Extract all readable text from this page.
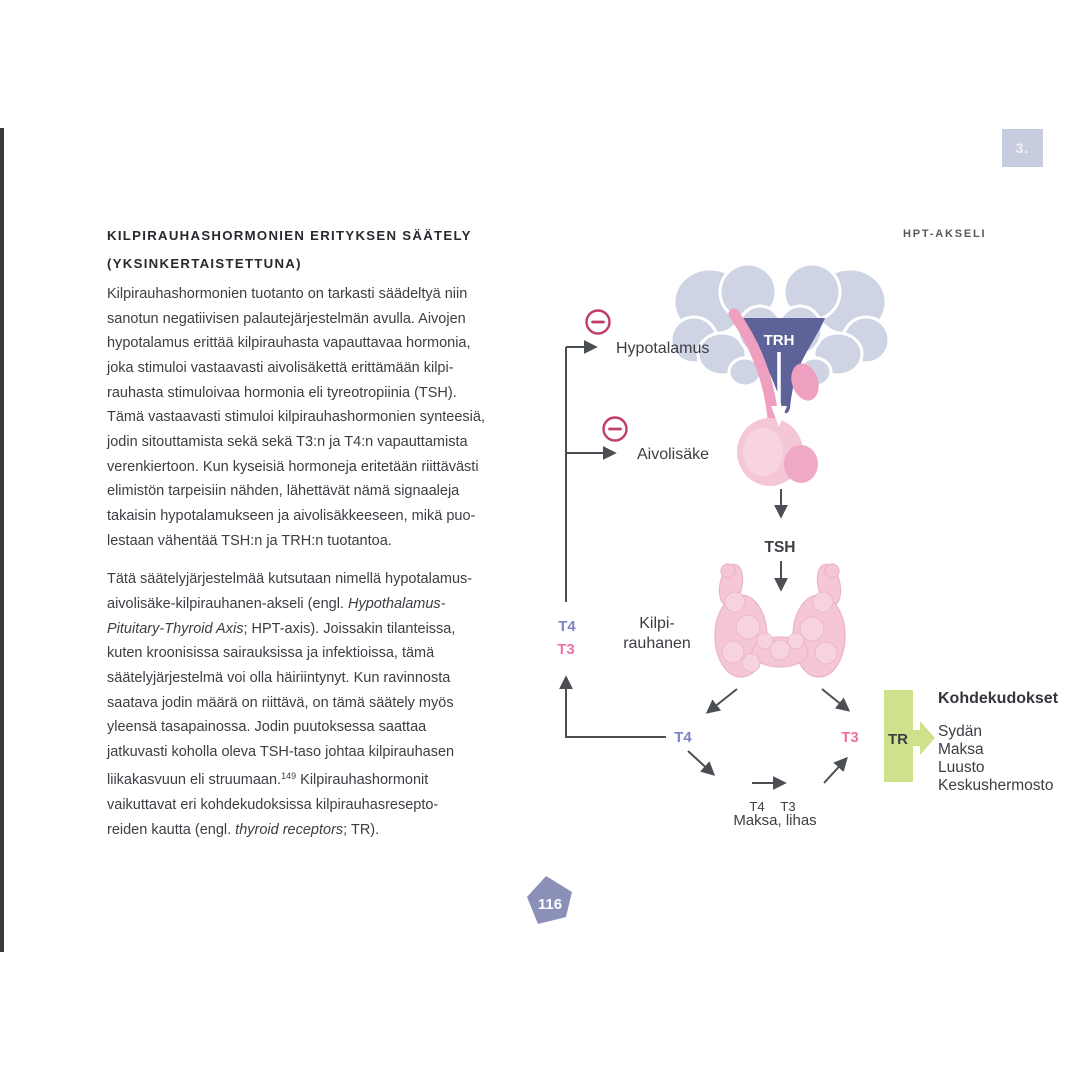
3.
HPT-AKSELI
KILPIRAUHASHORMONIEN ERITYKSEN SÄÄTELY
(YKSINKERTAISTETTUNA)
Kilpirauhashormonien tuotanto on tarkasti säädeltyä niin
sanotun negatiivisen palautejärjestelmän avulla. Aivojen
hypotalamus erittää kilpirauhasta vapauttavaa hormonia,
joka stimuloi vastaavasti aivolisäkettä erittämään kilpi-
rauhasta stimuloivaa hormonia eli tyreotropiinia (TSH).
Tämä vastaavasti stimuloi kilpirauhashormonien synteesiä,
jodin sitouttamista sekä sekä T3:n ja T4:n vapauttamista
verenkiertoon. Kun kyseisiä hormoneja eritetään riittävästi
elimistön tarpeisiin nähden, lähettävät nämä signaaleja
takaisin hypotalamukseen ja aivolisäkkeeseen, mikä puo-
lestaan vähentää TSH:n ja TRH:n tuotantoa.
Tätä säätelyjärjestelmää kutsutaan nimellä hypotalamus-
aivolisäke-kilpirauhanen-akseli (engl. Hypothalamus-
Pituitary-Thyroid Axis; HPT-axis). Joissakin tilanteissa,
kuten kroonisissa sairauksissa ja infektioissa, tämä
säätelyjärjestelmä voi olla häiriintynyt. Kun ravinnosta
saatava jodin määrä on riittävä, on tämä säätely myös
yleensä tasapainossa. Jodin puutoksessa saattaa
jatkuvasti koholla oleva TSH-taso johtaa kilpirauhasen
liikakasvuun eli struumaan.$^{149}$ Kilpirauhashormonit
vaikuttavat eri kohdekudoksissa kilpirauhasresepto-
reiden kautta (engl. thyroid receptors; TR).
TRH
Hypotalamus
Aivolisäke
TSH
Kilpi-
rauhanen
T4
T3
T4	T3
T4 T3
Maksa, lihas
TR
Kohdekudokset
Sydän
Maksa
Luusto
Keskushermosto
116
